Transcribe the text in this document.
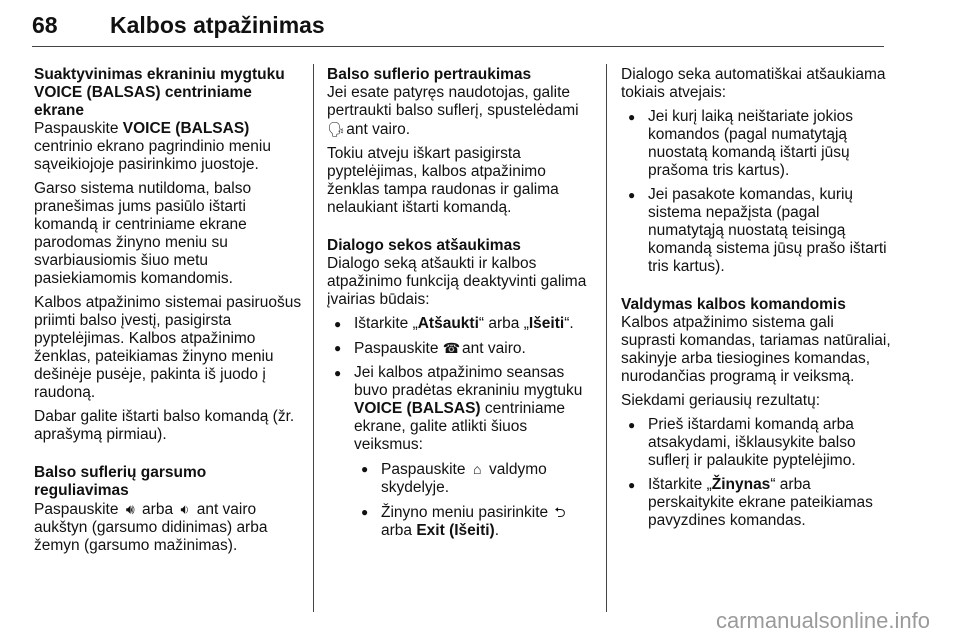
68 Kalbos atpažinimas
Suaktyvinimas ekraniniu mygtuku VOICE (BALSAS) centriniame ekrane

Paspauskite VOICE (BALSAS) centrinio ekrano pagrindinio meniu sąveikiojoje pasirinkimo juostoje.

Garso sistema nutildoma, balso pranešimas jums pasiūlo ištarti komandą ir centriniame ekrane parodomas žinyno meniu su svarbiausiomis šiuo metu pasiekiamomis komandomis.

Kalbos atpažinimo sistemai pasiruošus priimti balso įvestį, pasigirsta pyptelėjimas. Kalbos atpažinimo ženklas, pateikiamas žinyno meniu dešinėje pusėje, pakinta iš juodo į raudoną.

Dabar galite ištarti balso komandą (žr. aprašymą pirmiau).

Balso suflerių garsumo reguliavimas

Paspauskite 🔊︎ arba 🔉︎ ant vairo aukštyn (garsumo didinimas) arba žemyn (garsumo mažinimas).

Balso suflerio pertraukimas

Jei esate patyręs naudotojas, galite pertraukti balso suflerį, spustelėdami 🗣︎ ant vairo.

Tokiu atveju iškart pasigirsta pyptelėjimas, kalbos atpažinimo ženklas tampa raudonas ir galima nelaukiant ištarti komandą.

Dialogo sekos atšaukimas

Dialogo seką atšaukti ir kalbos atpažinimo funkciją deaktyvinti galima įvairias būdais:

● Ištarkite „Atšaukti“ arba „Išeiti“.
● Paspauskite ☎︎ ant vairo.
● Jei kalbos atpažinimo seansas buvo pradėtas ekraniniu mygtuku VOICE (BALSAS) centriniame ekrane, galite atlikti šiuos veiksmus:
● Paspauskite ⌂ valdymo skydelyje.
● Žinyno meniu pasirinkite ⮌ arba Exit (Išeiti).

Dialogo seka automatiškai atšaukiama tokiais atvejais:

● Jei kurį laiką neištariate jokios komandos (pagal numatytąją nuostatą komandą ištarti jūsų prašoma tris kartus).
● Jei pasakote komandas, kurių sistema nepažįsta (pagal numatytąją nuostatą teisingą komandą sistema jūsų prašo ištarti tris kartus).
Valdymas kalbos komandomis

Kalbos atpažinimo sistema gali suprasti komandas, tariamas natūraliai, sakinyje arba tiesiogines komandas, nurodančias programą ir veiksmą.

Siekdami geriausių rezultatų:

● Prieš ištardami komandą arba atsakydami, išklausykite balso suflerį ir palaukite pyptelėjimo.
● Ištarkite „Žinynas“ arba perskaitykite ekrane pateikiamas pavyzdines komandas.
carmanualsonline.info
